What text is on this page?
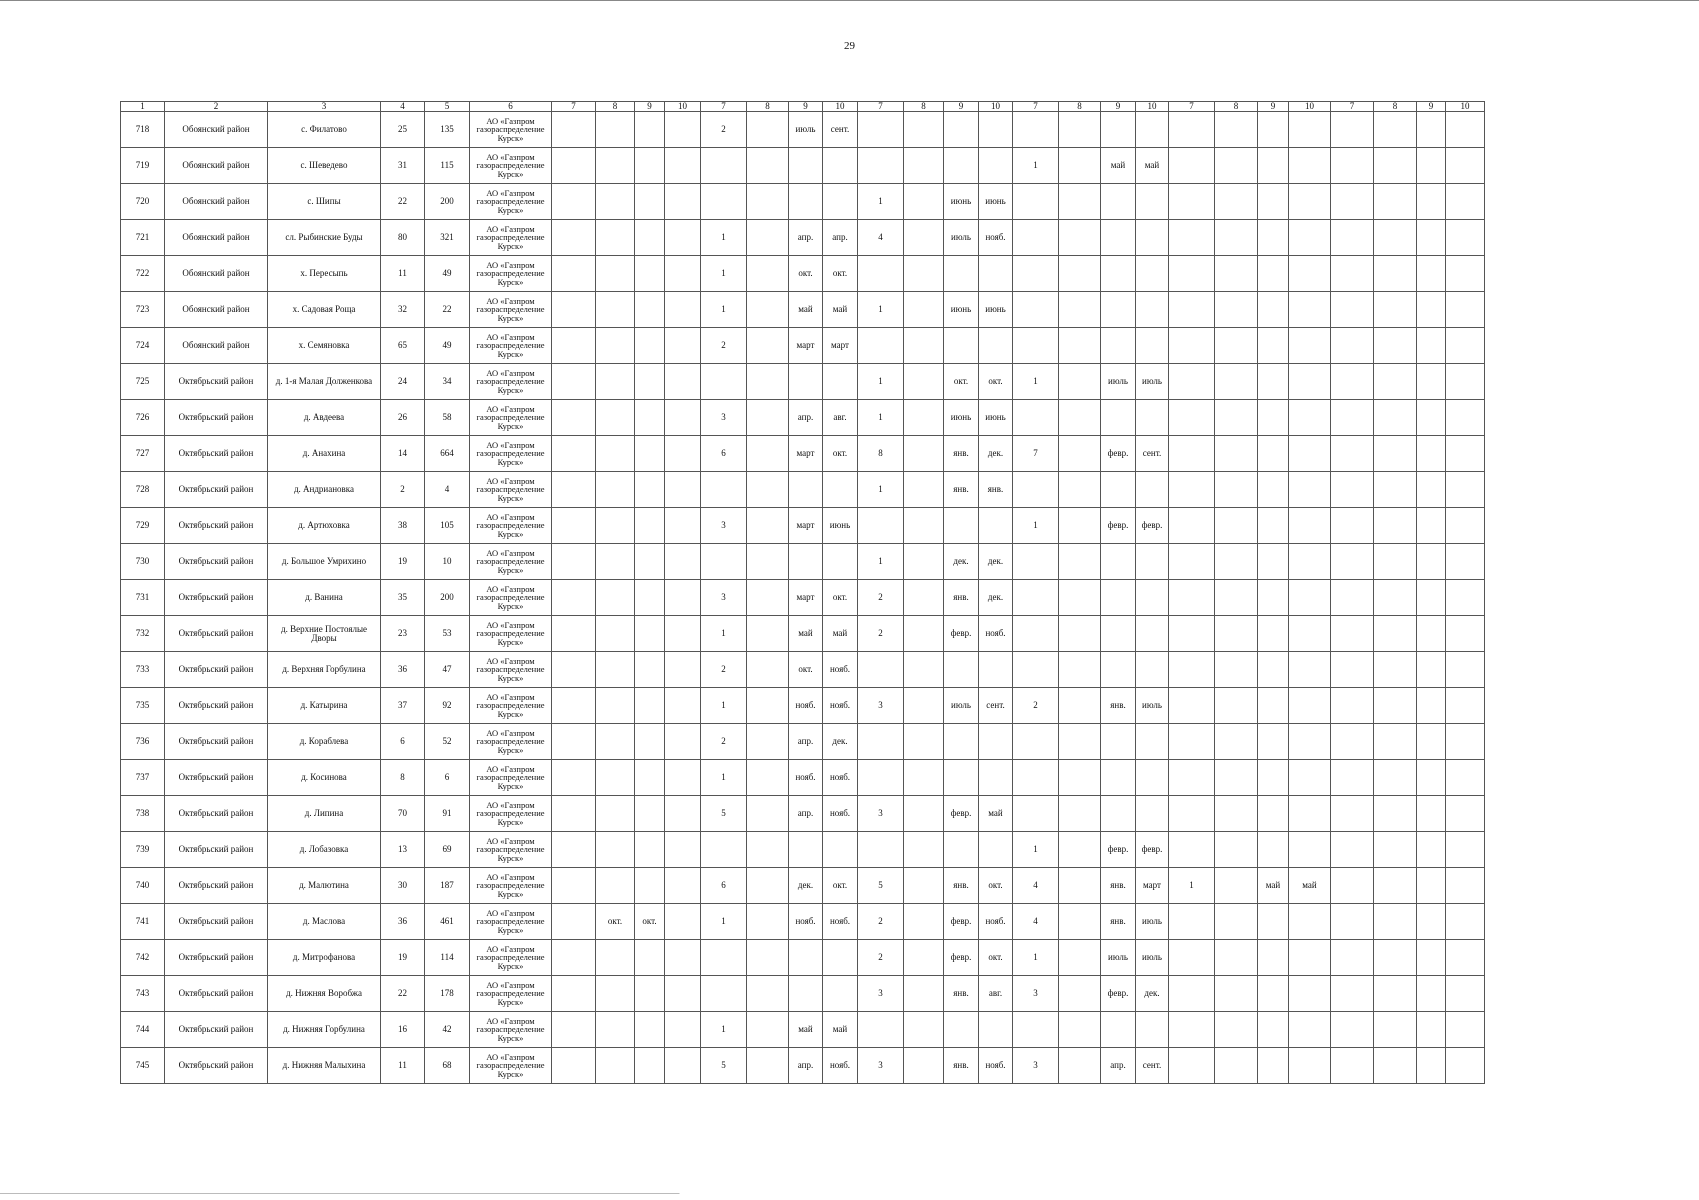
29
1	2	3	4	5	6	7	8	9	10	7	8	9	10	7	8	9	10	7	8	9	10	7	8	9	10	7	8	9	10
718	Обоянский район	с. Филатово	25	135	АО «Газпром
газораспределение
Курск»					2		июль	сент.																
719	Обоянский район	с. Шеведево	31	115	АО «Газпром
газораспределение
Курск»													1		май	май								
720	Обоянский район	с. Шипы	22	200	АО «Газпром
газораспределение
Курск»									1		июнь	июнь												
721	Обоянский район	сл. Рыбинские Буды	80	321	АО «Газпром
газораспределение
Курск»					1		апр.	апр.	4		июль	нояб.												
722	Обоянский район	х. Пересыпь	11	49	АО «Газпром
газораспределение
Курск»					1		окт.	окт.																
723	Обоянский район	х. Садовая Роща	32	22	АО «Газпром
газораспределение
Курск»					1		май	май	1		июнь	июнь												
724	Обоянский район	х. Семяновка	65	49	АО «Газпром
газораспределение
Курск»					2		март	март																
725	Октябрьский район	д. 1-я Малая Долженкова	24	34	АО «Газпром
газораспределение
Курск»									1		окт.	окт.	1		июль	июль								
726	Октябрьский район	д. Авдеева	26	58	АО «Газпром
газораспределение
Курск»					3		апр.	авг.	1		июнь	июнь												
727	Октябрьский район	д. Анахина	14	664	АО «Газпром
газораспределение
Курск»					6		март	окт.	8		янв.	дек.	7		февр.	сент.								
728	Октябрьский район	д. Андриановка	2	4	АО «Газпром
газораспределение
Курск»									1		янв.	янв.												
729	Октябрьский район	д. Артюховка	38	105	АО «Газпром
газораспределение
Курск»					3		март	июнь					1		февр.	февр.								
730	Октябрьский район	д. Большое Умрихино	19	10	АО «Газпром
газораспределение
Курск»									1		дек.	дек.												
731	Октябрьский район	д. Ванина	35	200	АО «Газпром
газораспределение
Курск»					3		март	окт.	2		янв.	дек.												
732	Октябрьский район	д. Верхние Постоялые Дворы	23	53	АО «Газпром
газораспределение
Курск»					1		май	май	2		февр.	нояб.												
733	Октябрьский район	д. Верхняя Горбулина	36	47	АО «Газпром
газораспределение
Курск»					2		окт.	нояб.																
735	Октябрьский район	д. Катырина	37	92	АО «Газпром
газораспределение
Курск»					1		нояб.	нояб.	3		июль	сент.	2		янв.	июль								
736	Октябрьский район	д. Кораблева	6	52	АО «Газпром
газораспределение
Курск»					2		апр.	дек.																
737	Октябрьский район	д. Косинова	8	6	АО «Газпром
газораспределение
Курск»					1		нояб.	нояб.																
738	Октябрьский район	д. Липина	70	91	АО «Газпром
газораспределение
Курск»					5		апр.	нояб.	3		февр.	май												
739	Октябрьский район	д. Лобазовка	13	69	АО «Газпром
газораспределение
Курск»													1		февр.	февр.								
740	Октябрьский район	д. Малютина	30	187	АО «Газпром
газораспределение
Курск»					6		дек.	окт.	5		янв.	окт.	4		янв.	март	1		май	май				
741	Октябрьский район	д. Маслова	36	461	АО «Газпром
газораспределение
Курск»		окт.	окт.		1		нояб.	нояб.	2		февр.	нояб.	4		янв.	июль								
742	Октябрьский район	д. Митрофанова	19	114	АО «Газпром
газораспределение
Курск»									2		февр.	окт.	1		июль	июль								
743	Октябрьский район	д. Нижняя Воробжа	22	178	АО «Газпром
газораспределение
Курск»									3		янв.	авг.	3		февр.	дек.								
744	Октябрьский район	д. Нижняя Горбулина	16	42	АО «Газпром
газораспределение
Курск»					1		май	май																
745	Октябрьский район	д. Нижняя Малыхина	11	68	АО «Газпром
газораспределение
Курск»					5		апр.	нояб.	3		янв.	нояб.	3		апр.	сент.								
